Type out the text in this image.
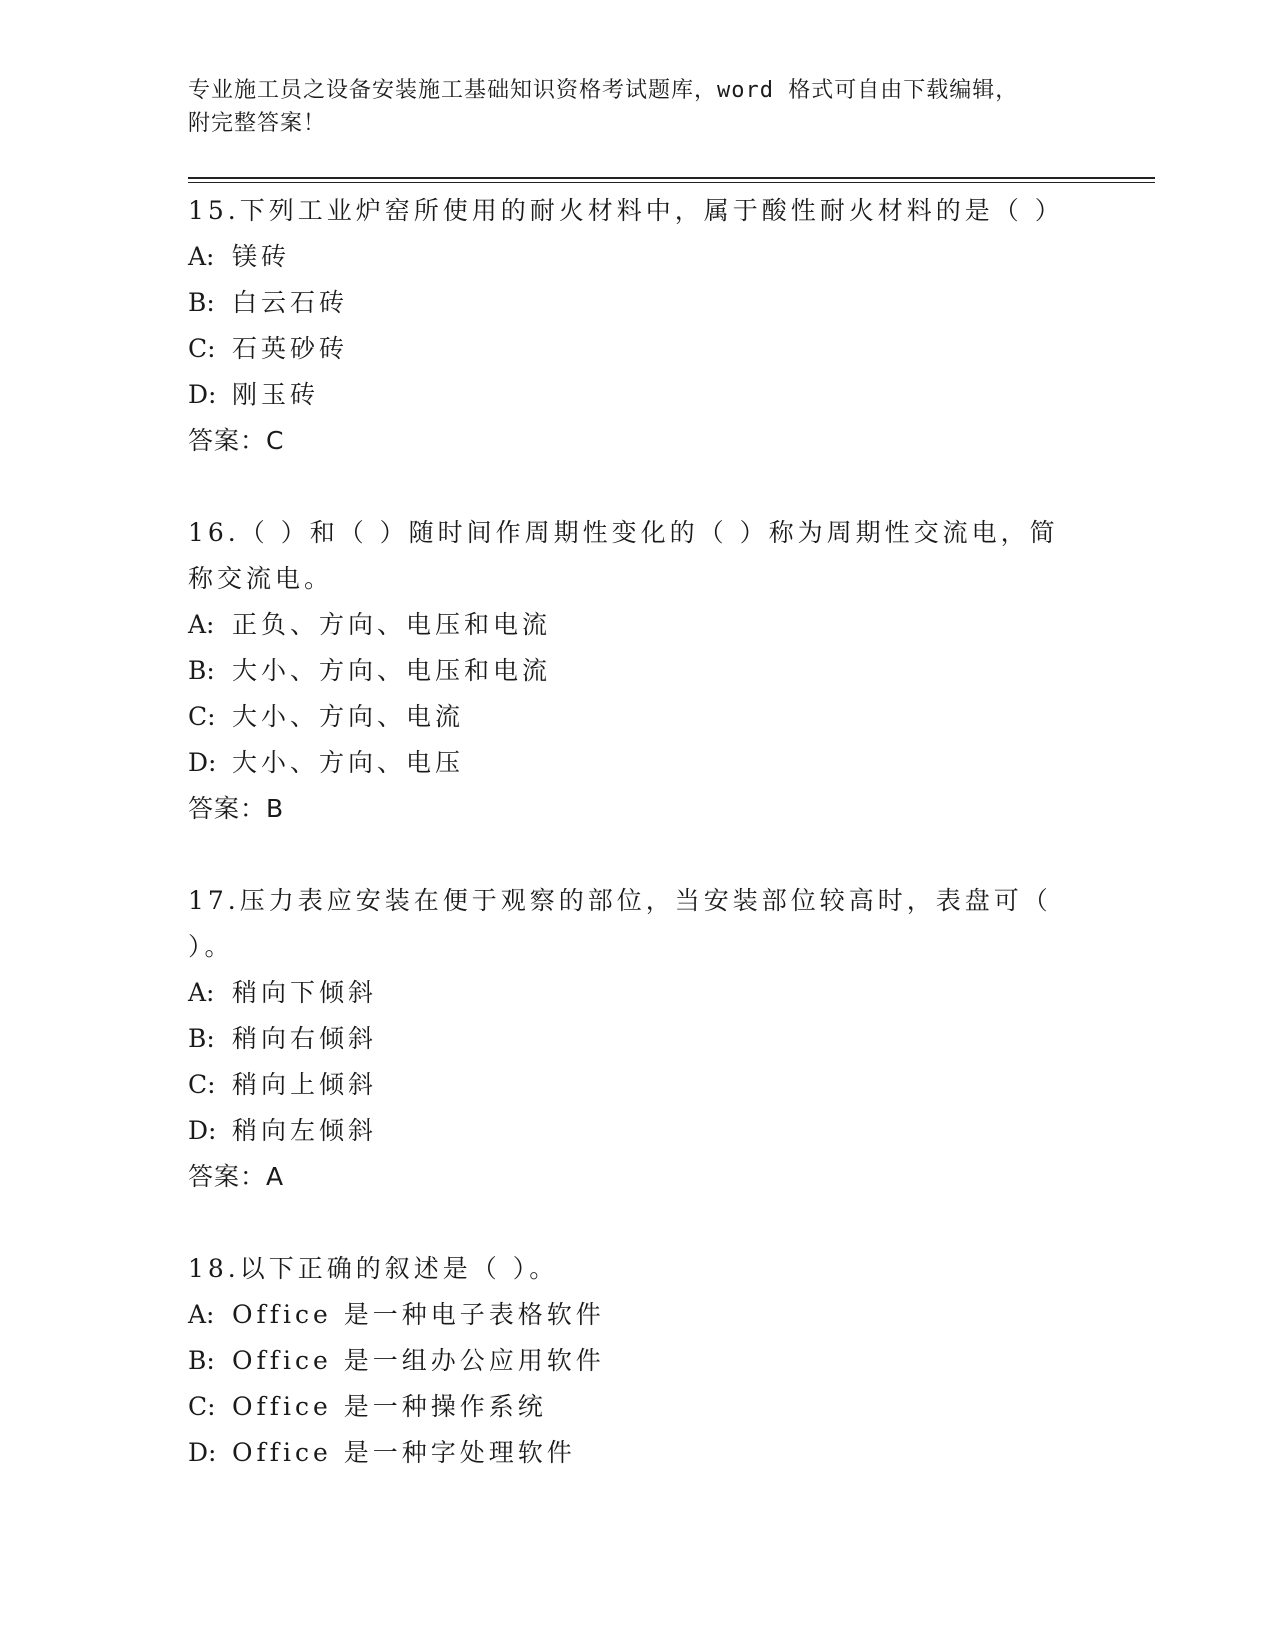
专业施工员之设备安装施工基础知识资格考试题库，word 格式可自由下载编辑，
附完整答案！
15.下列工业炉窑所使用的耐火材料中，属于酸性耐火材料的是（ ）
A: 镁砖
B: 白云石砖
C: 石英砂砖
D: 刚玉砖
答案：C
16.（ ）和（ ）随时间作周期性变化的（ ）称为周期性交流电，简称交流电。
A: 正负、方向、电压和电流
B: 大小、方向、电压和电流
C: 大小、方向、电流
D: 大小、方向、电压
答案：B
17.压力表应安装在便于观察的部位，当安装部位较高时，表盘可（ ）。
A: 稍向下倾斜
B: 稍向右倾斜
C: 稍向上倾斜
D: 稍向左倾斜
答案：A
18.以下正确的叙述是（ ）。
A: Office 是一种电子表格软件
B: Office 是一组办公应用软件
C: Office 是一种操作系统
D: Office 是一种字处理软件
